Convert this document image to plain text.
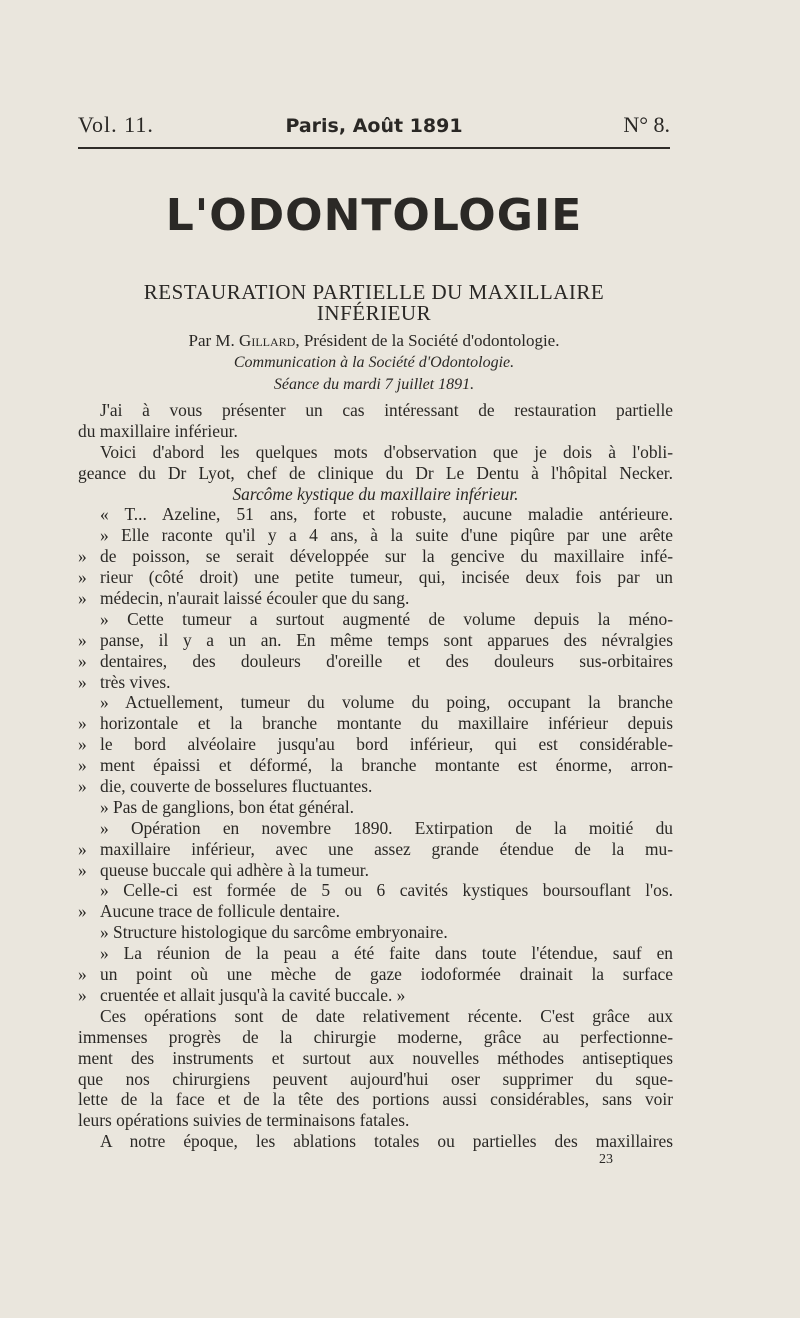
Vol. 11.	Paris, Août 1891	N° 8.
L'ODONTOLOGIE
RESTAURATION PARTIELLE DU MAXILLAIRE
INFÉRIEUR
Par M. Gillard, Président de la Société d'odontologie.
Communication à la Société d'Odontologie.
Séance du mardi 7 juillet 1891.
J'ai à vous présenter un cas intéressant de restauration partielle
du maxillaire inférieur.
Voici d'abord les quelques mots d'observation que je dois à l'obli-
geance du Dr Lyot, chef de clinique du Dr Le Dentu à l'hôpital Necker.
Sarcôme kystique du maxillaire inférieur.
« T... Azeline, 51 ans, forte et robuste, aucune maladie antérieure.
» Elle raconte qu'il y a 4 ans, à la suite d'une piqûre par une arête
» de poisson, se serait développée sur la gencive du maxillaire infé-
» rieur (côté droit) une petite tumeur, qui, incisée deux fois par un
» médecin, n'aurait laissé écouler que du sang.
» Cette tumeur a surtout augmenté de volume depuis la méno-
» panse, il y a un an. En même temps sont apparues des névralgies
» dentaires, des douleurs d'oreille et des douleurs sus-orbitaires
» très vives.
» Actuellement, tumeur du volume du poing, occupant la branche
» horizontale et la branche montante du maxillaire inférieur depuis
» le bord alvéolaire jusqu'au bord inférieur, qui est considérable-
» ment épaissi et déformé, la branche montante est énorme, arron-
» die, couverte de bosselures fluctuantes.
» Pas de ganglions, bon état général.
» Opération en novembre 1890. Extirpation de la moitié du
» maxillaire inférieur, avec une assez grande étendue de la mu-
» queuse buccale qui adhère à la tumeur.
» Celle-ci est formée de 5 ou 6 cavités kystiques boursouflant l'os.
» Aucune trace de follicule dentaire.
» Structure histologique du sarcôme embryonaire.
» La réunion de la peau a été faite dans toute l'étendue, sauf en
» un point où une mèche de gaze iodoformée drainait la surface
» cruentée et allait jusqu'à la cavité buccale. »
Ces opérations sont de date relativement récente. C'est grâce aux
immenses progrès de la chirurgie moderne, grâce au perfectionne-
ment des instruments et surtout aux nouvelles méthodes antiseptiques
que nos chirurgiens peuvent aujourd'hui oser supprimer du sque-
lette de la face et de la tête des portions aussi considérables, sans voir
leurs opérations suivies de terminaisons fatales.
A notre époque, les ablations totales ou partielles des maxillaires
23
